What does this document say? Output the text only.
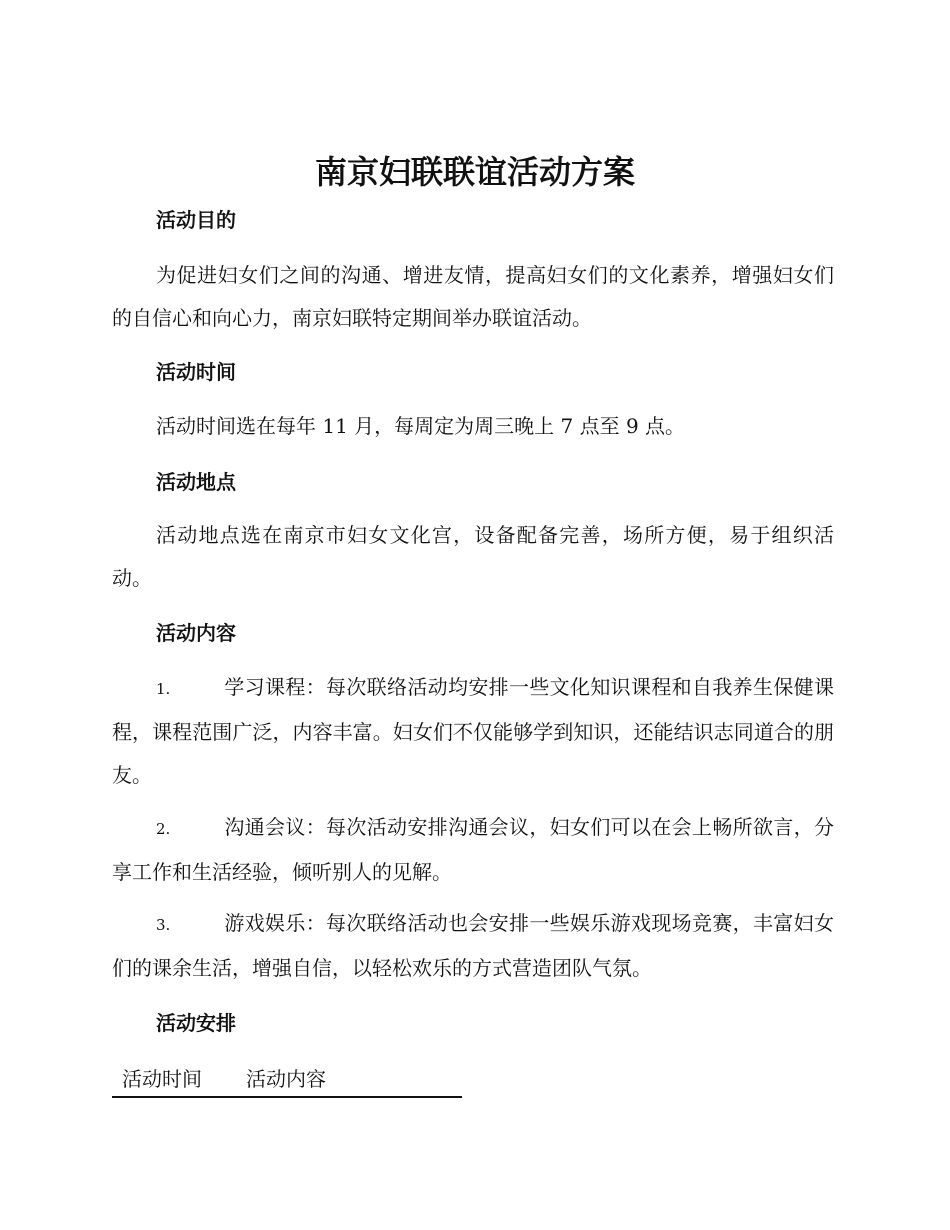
南京妇联联谊活动方案
活动目的
为促进妇女们之间的沟通、增进友情，提高妇女们的文化素养，增强妇女们的自信心和向心力，南京妇联特定期间举办联谊活动。
活动时间
活动时间选在每年 11 月，每周定为周三晚上 7 点至 9 点。
活动地点
活动地点选在南京市妇女文化宫，设备配备完善，场所方便，易于组织活动。
活动内容
1.	学习课程：每次联络活动均安排一些文化知识课程和自我养生保健课程，课程范围广泛，内容丰富。妇女们不仅能够学到知识，还能结识志同道合的朋友。
2.	沟通会议：每次活动安排沟通会议，妇女们可以在会上畅所欲言，分享工作和生活经验，倾听别人的见解。
3.	游戏娱乐：每次联络活动也会安排一些娱乐游戏现场竞赛，丰富妇女们的课余生活，增强自信，以轻松欢乐的方式营造团队气氛。
活动安排
活动时间 活动内容
